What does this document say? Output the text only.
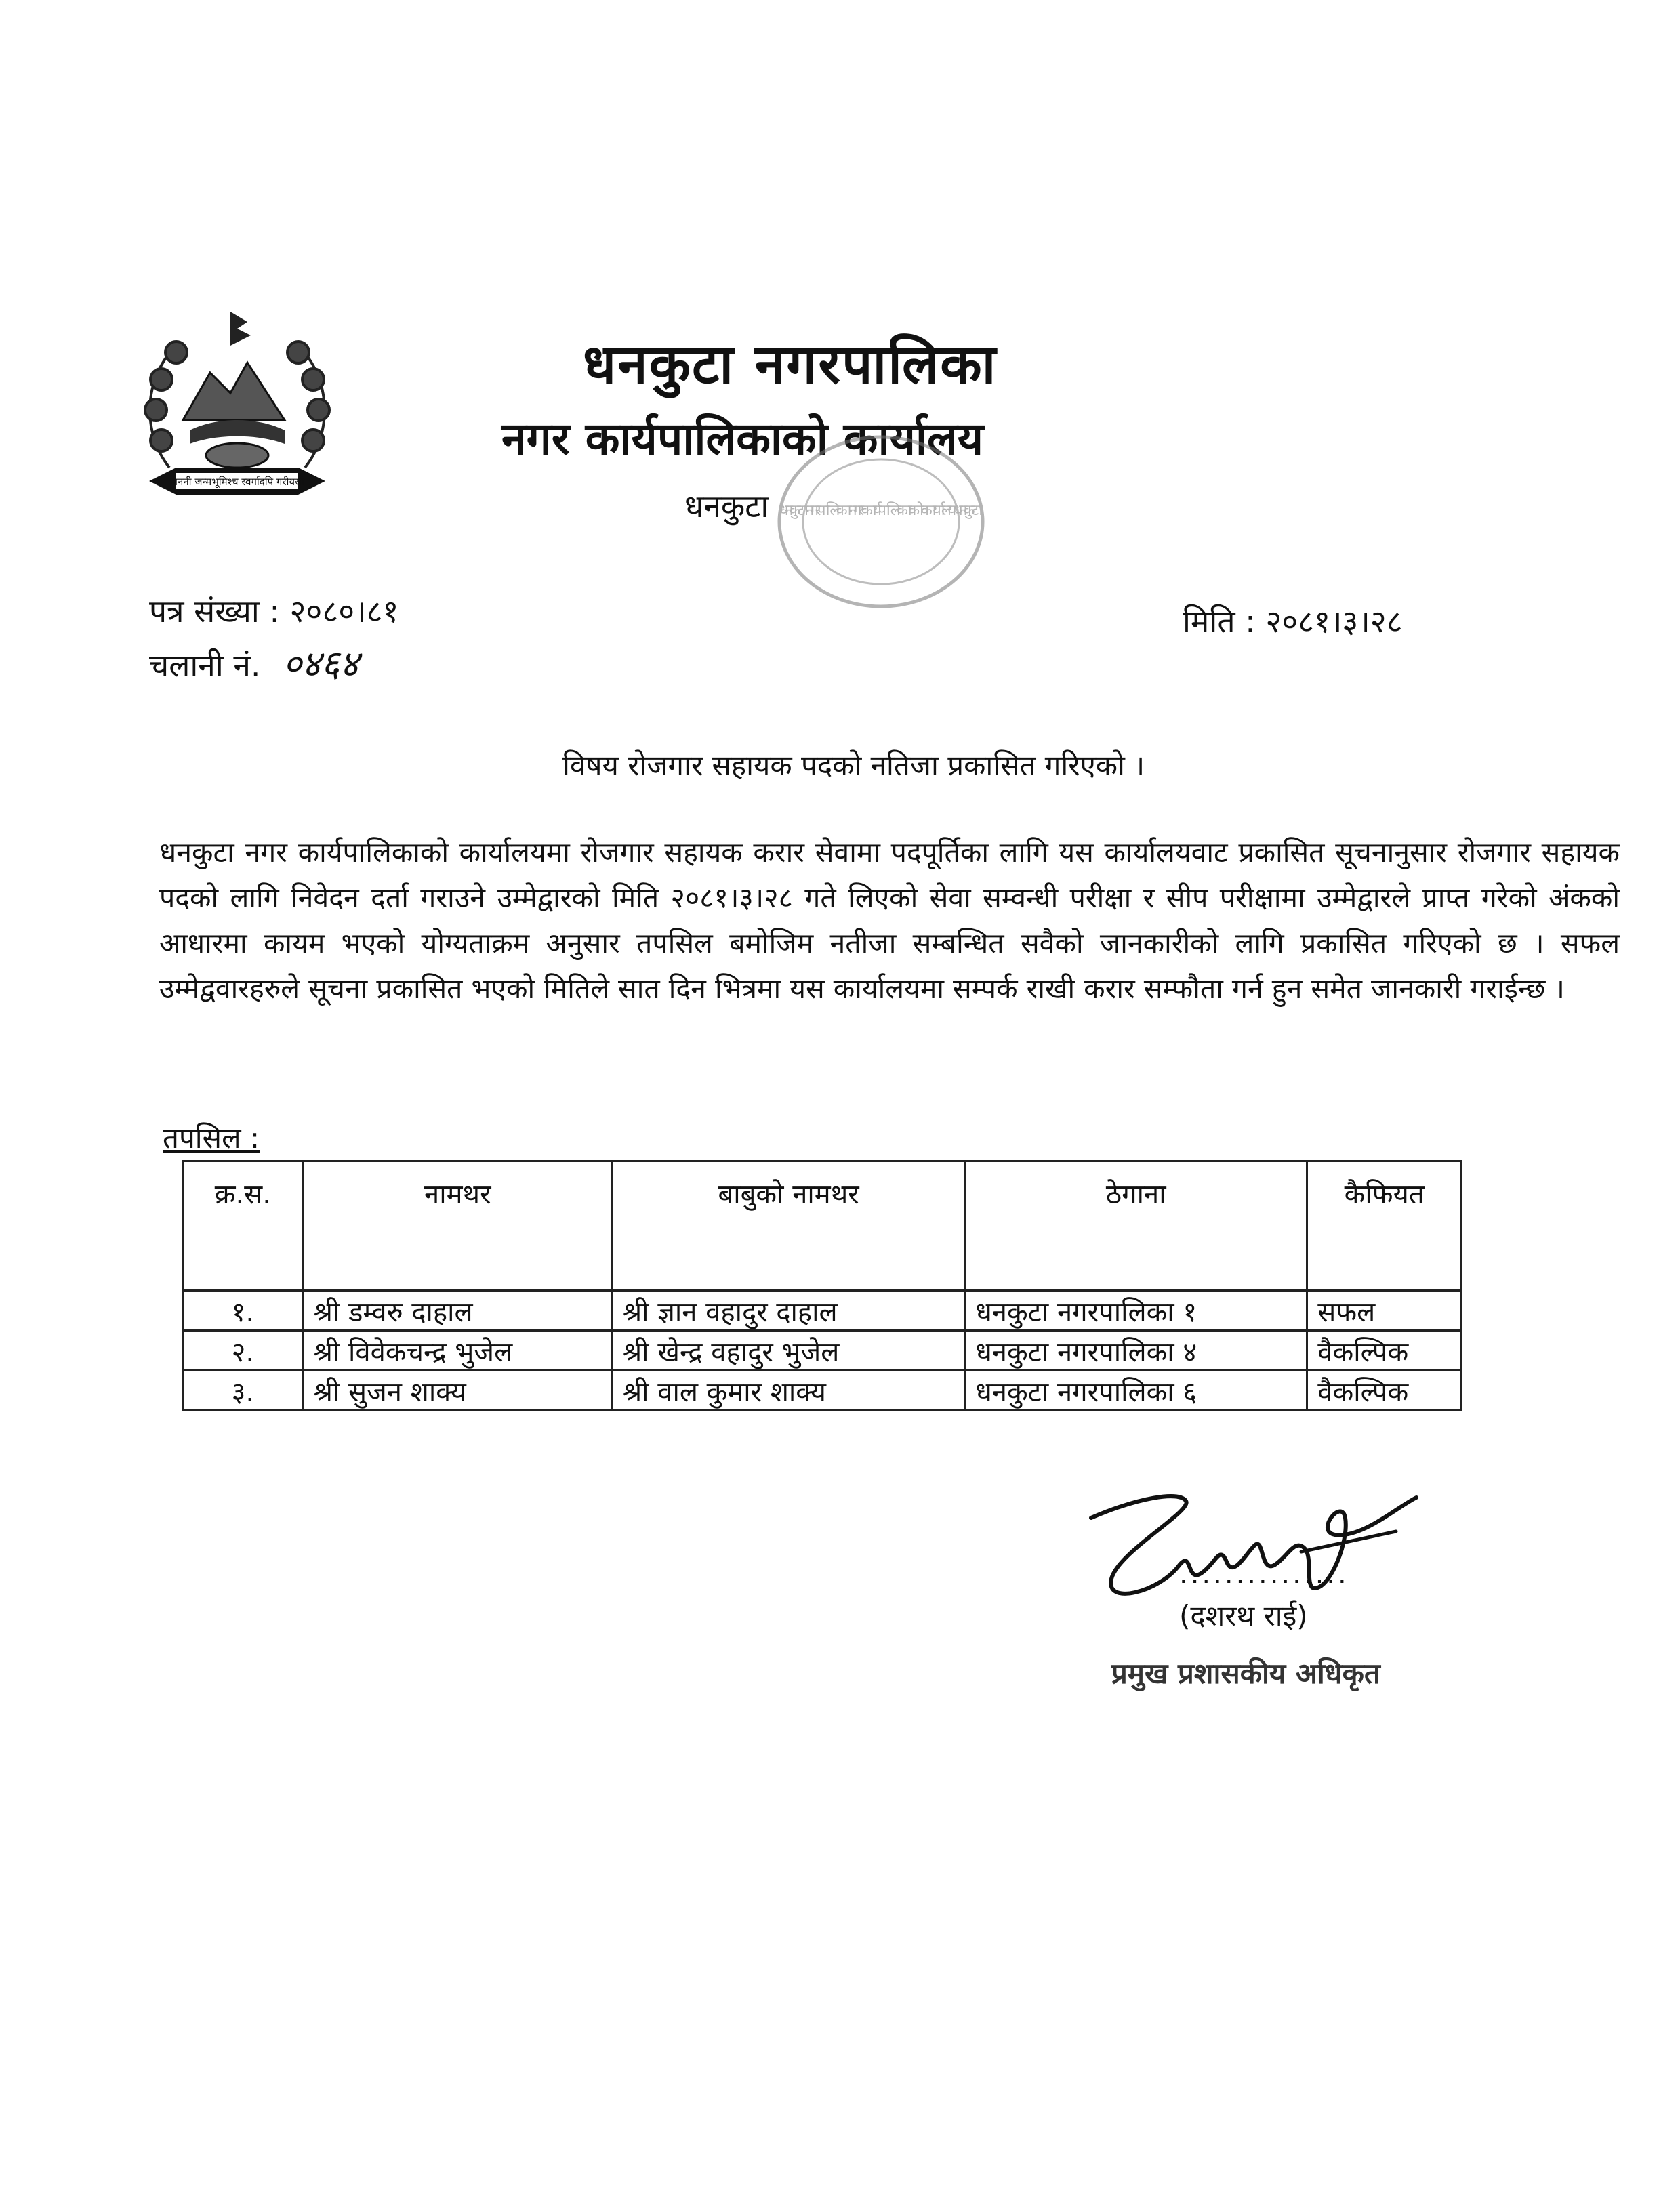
जननी जन्मभूमिश्च स्वर्गादपि गरीयसी
धनकुटा नगरपालिका
नगर कार्यपालिकाको कार्यालय
धनकुटा धनकुटा नगरपालिका नगर कार्यपालिकाको कार्यालय धनकुटा
पत्र संख्या : २०८०।८१
चलानी नं. ०४६४
मिति : २०८१।३।२८
विषय रोजगार सहायक पदको नतिजा प्रकासित गरिएको ।
धनकुटा नगर कार्यपालिकाको कार्यालयमा रोजगार सहायक करार सेवामा पदपूर्तिका लागि यस कार्यालयवाट प्रकासित सूचनानुसार रोजगार सहायक पदको लागि निवेदन दर्ता गराउने उम्मेद्वारको मिति २०८१।३।२८ गते लिएको सेवा सम्वन्धी परीक्षा र सीप परीक्षामा उम्मेद्वारले प्राप्त गरेको अंकको आधारमा कायम भएको योग्यताक्रम अनुसार तपसिल बमोजिम नतीजा सम्बन्धित सवैको जानकारीको लागि प्रकासित गरिएको छ । सफल उम्मेद्ववारहरुले सूचना प्रकासित भएको मितिले सात दिन भित्रमा यस कार्यालयमा सम्पर्क राखी करार सम्फौता गर्न हुन समेत जानकारी गराईन्छ ।
तपसिल :
क्र.स.	नामथर	बाबुको नामथर	ठेगाना	कैफियत
१.	श्री डम्वरु दाहाल	श्री ज्ञान वहादुर दाहाल	धनकुटा नगरपालिका १	सफल
२.	श्री विवेकचन्द्र भुजेल	श्री खेन्द्र वहादुर भुजेल	धनकुटा नगरपालिका ४	वैकल्पिक
३.	श्री सुजन शाक्य	श्री वाल कुमार शाक्य	धनकुटा नगरपालिका ६	वैकल्पिक
...............
(दशरथ राई)
प्रमुख प्रशासकीय अधिकृत
